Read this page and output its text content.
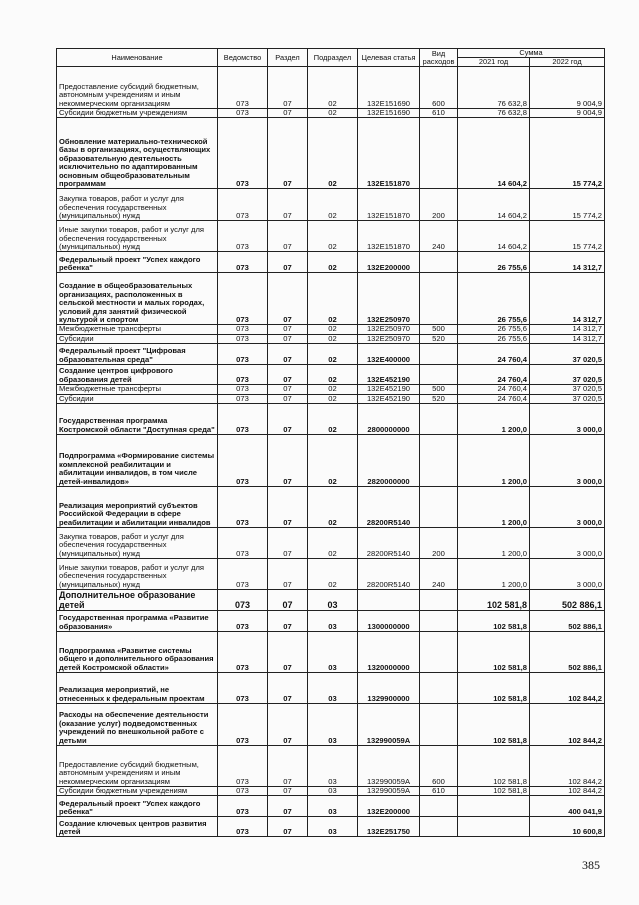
Наименование	Ведомство	Раздел	Подраздел	Целевая статья	Вид расходов	Сумма	
						2021 год	2022 год
Предоставление субсидий бюджетным, автономным учреждениям и иным некоммерческим организациям	073	07	02	132E151690	600	76 632,8	9 004,9
Субсидии бюджетным учреждениям	073	07	02	132E151690	610	76 632,8	9 004,9
Обновление материально-технической базы в организациях, осуществляющих образовательную деятельность исключительно по адаптированным основным общеобразовательным программам	073	07	02	132E151870		14 604,2	15 774,2
Закупка товаров, работ и услуг для обеспечения государственных (муниципальных) нужд	073	07	02	132E151870	200	14 604,2	15 774,2
Иные закупки товаров, работ и услуг для обеспечения государственных (муниципальных) нужд	073	07	02	132E151870	240	14 604,2	15 774,2
Федеральный проект "Успех каждого ребенка"	073	07	02	132E200000		26 755,6	14 312,7
Создание в общеобразовательных организациях, расположенных в сельской местности и малых городах, условий для занятий физической культурой и спортом	073	07	02	132E250970		26 755,6	14 312,7
Межбюджетные трансферты	073	07	02	132E250970	500	26 755,6	14 312,7
Субсидии	073	07	02	132E250970	520	26 755,6	14 312,7
Федеральный проект "Цифровая образовательная среда"	073	07	02	132E400000		24 760,4	37 020,5
Создание центров цифрового образования детей	073	07	02	132E452190		24 760,4	37 020,5
Межбюджетные трансферты	073	07	02	132E452190	500	24 760,4	37 020,5
Субсидии	073	07	02	132E452190	520	24 760,4	37 020,5
Государственная программа Костромской области "Доступная среда"	073	07	02	2800000000		1 200,0	3 000,0
Подпрограмма «Формирование системы комплексной реабилитации и абилитации инвалидов, в том числе детей-инвалидов»	073	07	02	2820000000		1 200,0	3 000,0
Реализация мероприятий субъектов Российской Федерации в сфере реабилитации и абилитации инвалидов	073	07	02	28200R5140		1 200,0	3 000,0
Закупка товаров, работ и услуг для обеспечения государственных (муниципальных) нужд	073	07	02	28200R5140	200	1 200,0	3 000,0
Иные закупки товаров, работ и услуг для обеспечения государственных (муниципальных) нужд	073	07	02	28200R5140	240	1 200,0	3 000,0
Дополнительное образование детей	073	07	03			102 581,8	502 886,1
Государственная программа «Развитие образования»	073	07	03	1300000000		102 581,8	502 886,1
Подпрограмма «Развитие системы общего и дополнительного образования детей Костромской области»	073	07	03	1320000000		102 581,8	502 886,1
Реализация мероприятий, не отнесенных к федеральным проектам	073	07	03	1329900000		102 581,8	102 844,2
Расходы на обеспечение деятельности (оказание услуг) подведомственных учреждений по внешкольной работе с детьми	073	07	03	132990059A		102 581,8	102 844,2
Предоставление субсидий бюджетным, автономным учреждениям и иным некоммерческим организациям	073	07	03	132990059A	600	102 581,8	102 844,2
Субсидии бюджетным учреждениям	073	07	03	132990059A	610	102 581,8	102 844,2
Федеральный проект "Успех каждого ребенка"	073	07	03	132E200000			400 041,9
Создание ключевых центров развития детей	073	07	03	132E251750			10 600,8
385
